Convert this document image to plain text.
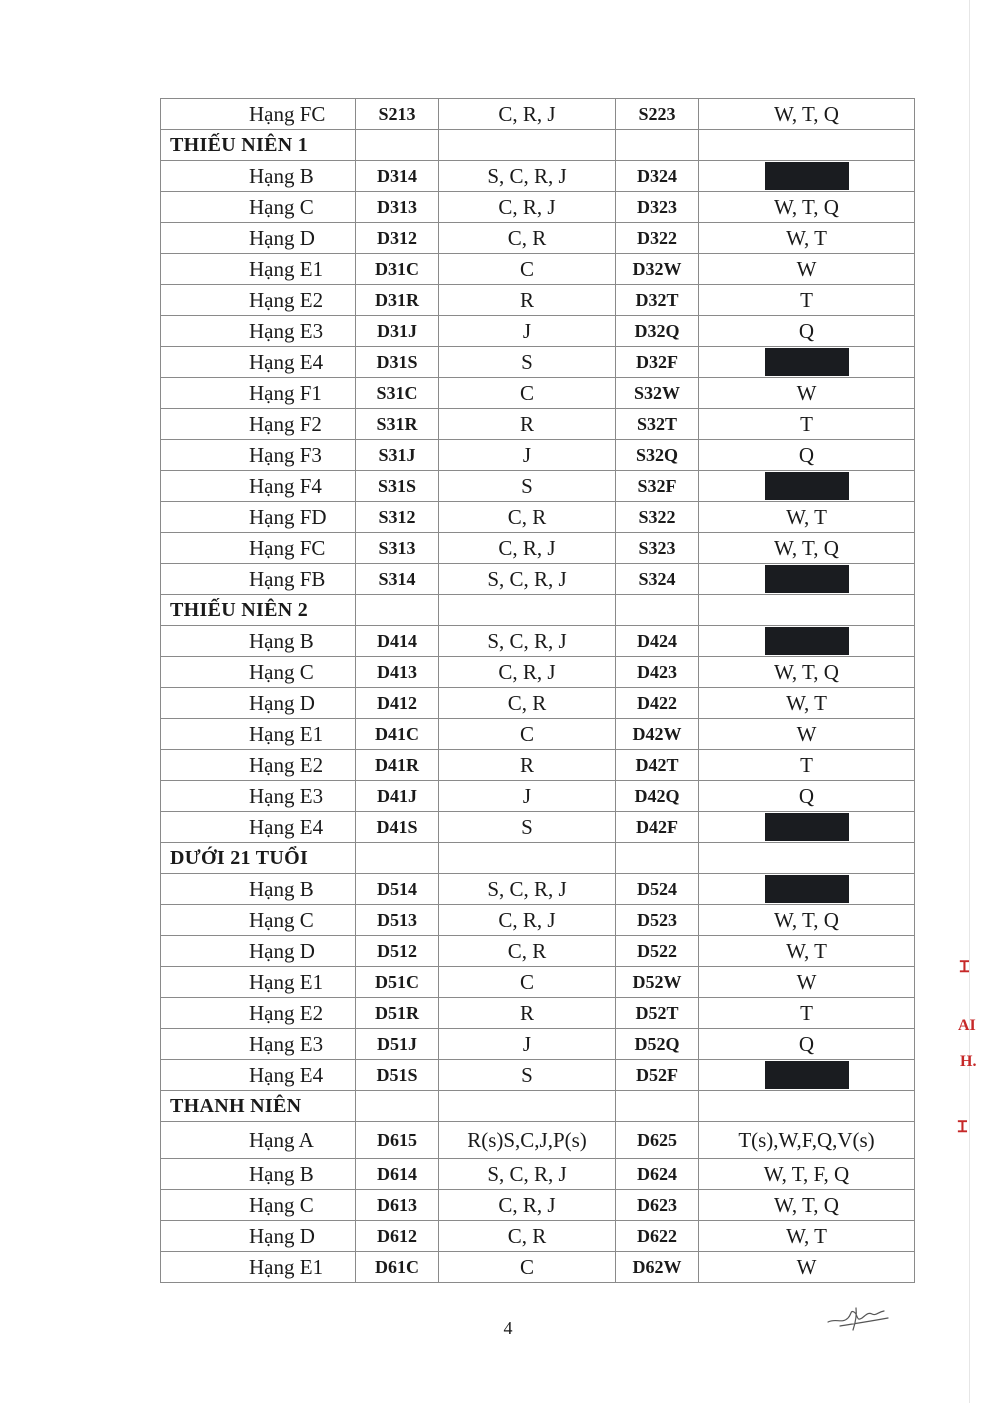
Hạng FC	S213	C, R, J	S223	W, T, Q
THIẾU NIÊN 1				
Hạng B	D314	S, C, R, J	D324	
Hạng C	D313	C, R, J	D323	W, T, Q
Hạng D	D312	C, R	D322	W, T
Hạng E1	D31C	C	D32W	W
Hạng E2	D31R	R	D32T	T
Hạng E3	D31J	J	D32Q	Q
Hạng E4	D31S	S	D32F	
Hạng F1	S31C	C	S32W	W
Hạng F2	S31R	R	S32T	T
Hạng F3	S31J	J	S32Q	Q
Hạng F4	S31S	S	S32F	
Hạng FD	S312	C, R	S322	W, T
Hạng FC	S313	C, R, J	S323	W, T, Q
Hạng FB	S314	S, C, R, J	S324	
THIẾU NIÊN 2				
Hạng B	D414	S, C, R, J	D424	
Hạng C	D413	C, R, J	D423	W, T, Q
Hạng D	D412	C, R	D422	W, T
Hạng E1	D41C	C	D42W	W
Hạng E2	D41R	R	D42T	T
Hạng E3	D41J	J	D42Q	Q
Hạng E4	D41S	S	D42F	
DƯỚI 21 TUỔI				
Hạng B	D514	S, C, R, J	D524	
Hạng C	D513	C, R, J	D523	W, T, Q
Hạng D	D512	C, R	D522	W, T
Hạng E1	D51C	C	D52W	W
Hạng E2	D51R	R	D52T	T
Hạng E3	D51J	J	D52Q	Q
Hạng E4	D51S	S	D52F	
THANH NIÊN				
Hạng A	D615	R(s)S,C,J,P(s)	D625	T(s),W,F,Q,V(s)
Hạng B	D614	S, C, R, J	D624	W, T, F, Q
Hạng C	D613	C, R, J	D623	W, T, Q
Hạng D	D612	C, R	D622	W, T
Hạng E1	D61C	C	D62W	W
4
Ɪ
AI
H.
Ɪ
